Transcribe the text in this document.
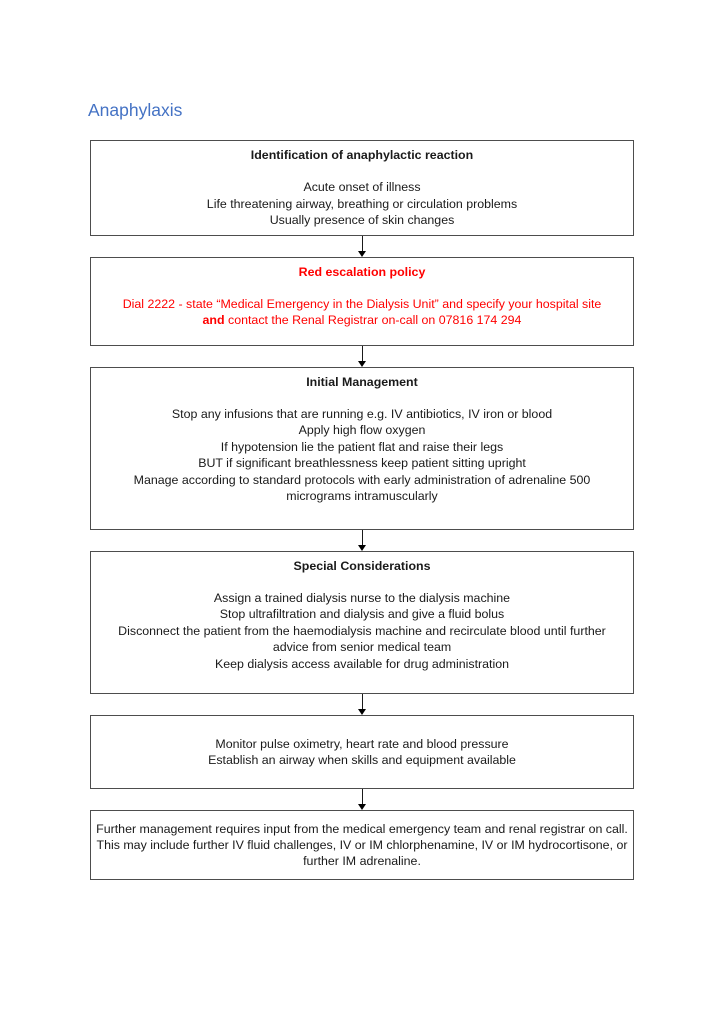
Anaphylaxis
Identification of anaphylactic reaction
Acute onset of illness
Life threatening airway, breathing or circulation problems
Usually presence of skin changes
Red escalation policy
Dial 2222 - state “Medical Emergency in the Dialysis Unit” and specify your hospital site
and contact the Renal Registrar on-call on 07816 174 294
Initial Management
Stop any infusions that are running e.g. IV antibiotics, IV iron or blood
Apply high flow oxygen
If hypotension lie the patient flat and raise their legs
BUT if significant breathlessness keep patient sitting upright
Manage according to standard protocols with early administration of adrenaline 500 micrograms intramuscularly
Special Considerations
Assign a trained dialysis nurse to the dialysis machine
Stop ultrafiltration and dialysis and give a fluid bolus
Disconnect the patient from the haemodialysis machine and recirculate blood until further advice from senior medical team
Keep dialysis access available for drug administration
Monitor pulse oximetry, heart rate and blood pressure
Establish an airway when skills and equipment available
Further management requires input from the medical emergency team and renal registrar on call. This may include further IV fluid challenges, IV or IM chlorphenamine, IV or IM hydrocortisone, or further IM adrenaline.
